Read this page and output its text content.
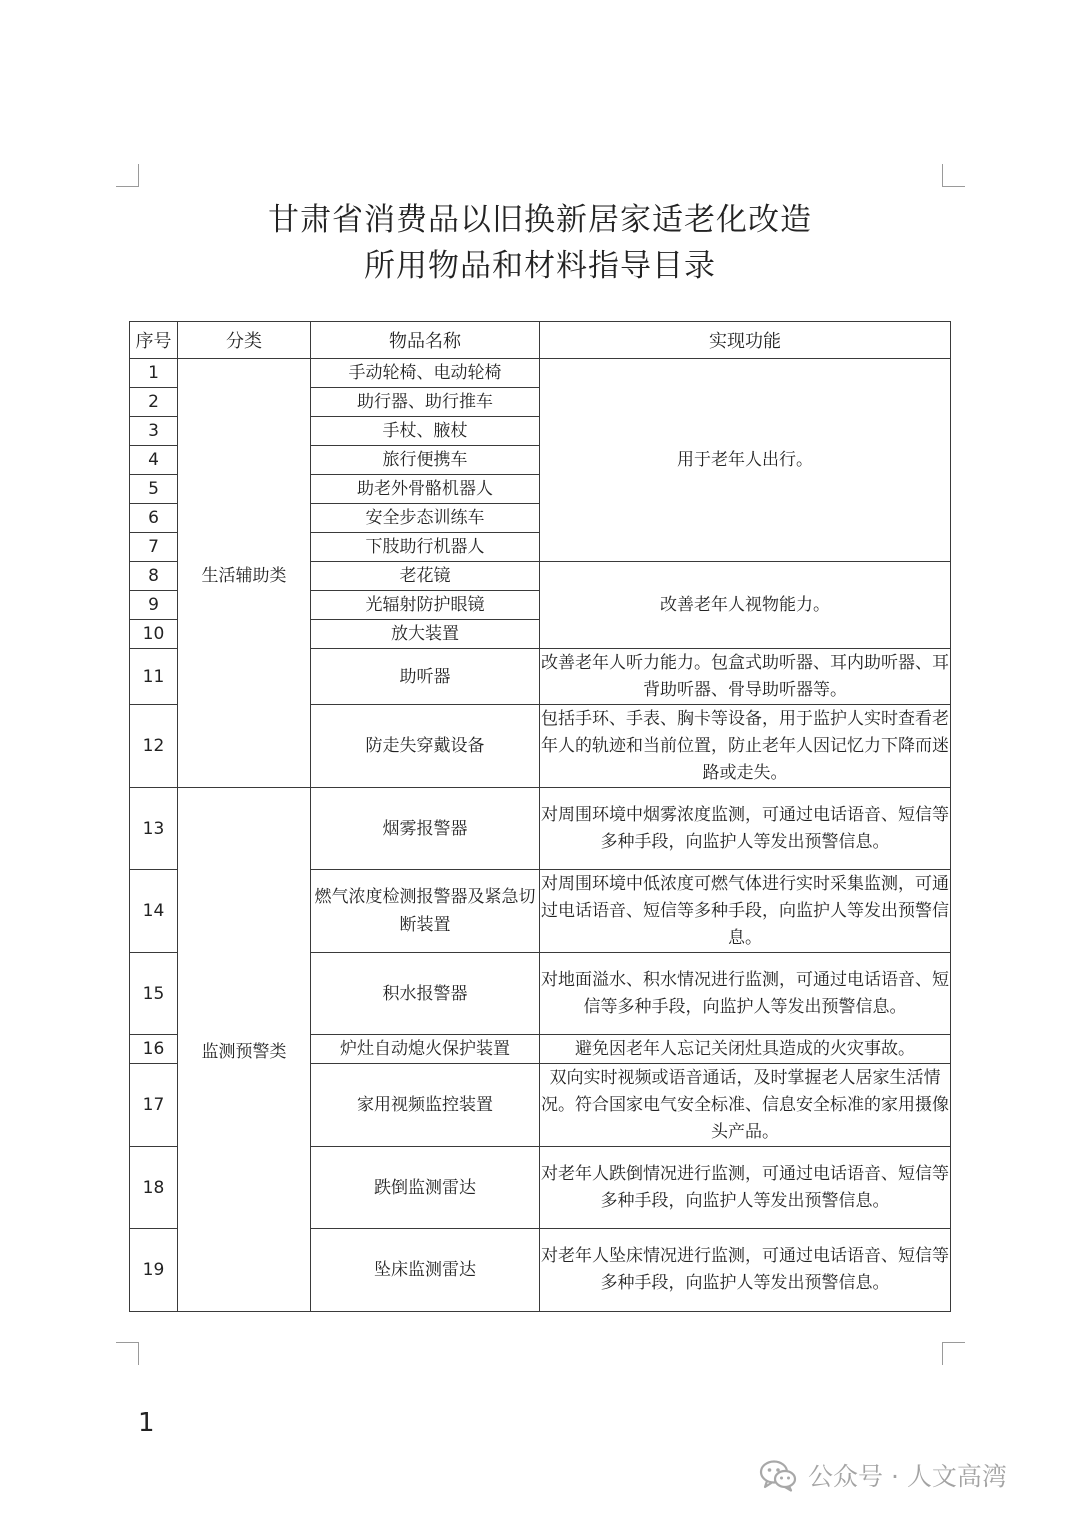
甘肃省消费品以旧换新居家适老化改造
所用物品和材料指导目录
序号	分类	物品名称	实现功能
1	生活辅助类	手动轮椅、电动轮椅	用于老年人出行。
2		助行器、助行推车	
3		手杖、腋杖	
4		旅行便携车	
5		助老外骨骼机器人	
6		安全步态训练车	
7		下肢助行机器人	
8		老花镜	改善老年人视物能力。
9		光辐射防护眼镜	
10		放大装置	
11		助听器	改善老年人听力能力。包盒式助听器、耳内助听器、耳背助听器、骨导助听器等。
12		防走失穿戴设备	包括手环、手表、胸卡等设备，用于监护人实时查看老年人的轨迹和当前位置，防止老年人因记忆力下降而迷路或走失。
13	监测预警类	烟雾报警器	对周围环境中烟雾浓度监测，可通过电话语音、短信等多种手段，向监护人等发出预警信息。
14		燃气浓度检测报警器及紧急切断装置	对周围环境中低浓度可燃气体进行实时采集监测，可通过电话语音、短信等多种手段，向监护人等发出预警信息。
15		积水报警器	对地面溢水、积水情况进行监测，可通过电话语音、短信等多种手段，向监护人等发出预警信息。
16		炉灶自动熄火保护装置	避免因老年人忘记关闭灶具造成的火灾事故。
17		家用视频监控装置	双向实时视频或语音通话，及时掌握老人居家生活情况。符合国家电气安全标准、信息安全标准的家用摄像头产品。
18		跌倒监测雷达	对老年人跌倒情况进行监测，可通过电话语音、短信等多种手段，向监护人等发出预警信息。
19		坠床监测雷达	对老年人坠床情况进行监测，可通过电话语音、短信等多种手段，向监护人等发出预警信息。
1
公众号 · 人文高湾
